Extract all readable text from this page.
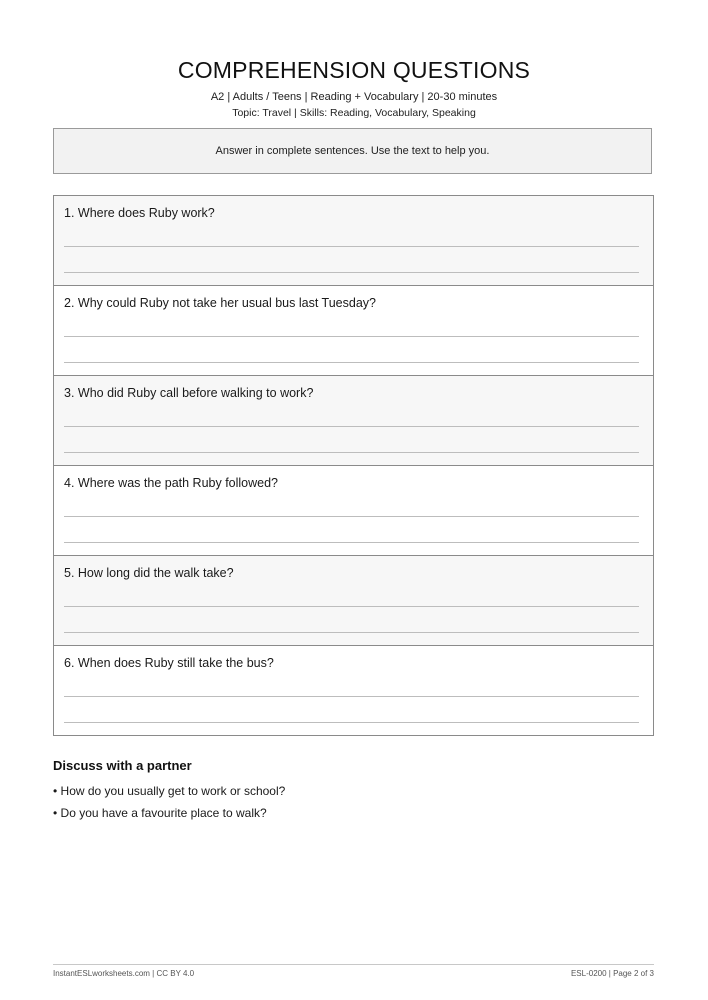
COMPREHENSION QUESTIONS
A2 | Adults / Teens | Reading + Vocabulary | 20-30 minutes
Topic: Travel | Skills: Reading, Vocabulary, Speaking
Answer in complete sentences. Use the text to help you.
1. Where does Ruby work?
2. Why could Ruby not take her usual bus last Tuesday?
3. Who did Ruby call before walking to work?
4. Where was the path Ruby followed?
5. How long did the walk take?
6. When does Ruby still take the bus?
Discuss with a partner
• How do you usually get to work or school?
• Do you have a favourite place to walk?
InstantESLworksheets.com | CC BY 4.0	ESL-0200 | Page 2 of 3
